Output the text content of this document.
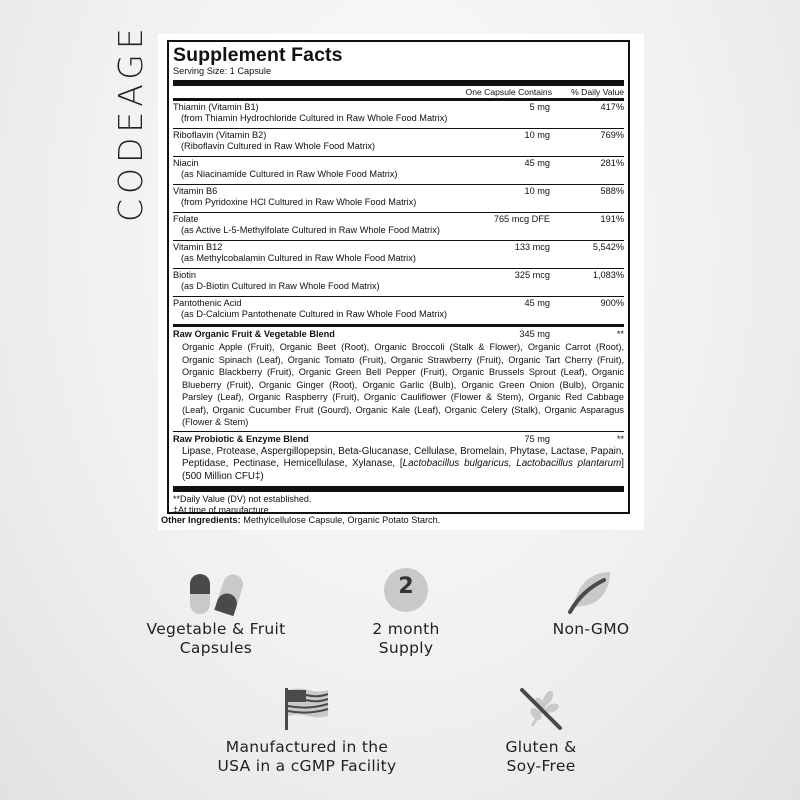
CODEAGE Supplement Facts
Serving Size: 1 Capsule
One Capsule Contains	% Daily Value
Thiamin (Vitamin B1)	5 mg	417%
(from Thiamin Hydrochloride Cultured in Raw Whole Food Matrix)
Riboflavin (Vitamin B2)	10 mg	769%
(Riboflavin Cultured in Raw Whole Food Matrix)
Niacin	45 mg	281%
(as Niacinamide Cultured in Raw Whole Food Matrix)
Vitamin B6	10 mg	588%
(from Pyridoxine HCl Cultured in Raw Whole Food Matrix)
Folate	765 mcg DFE	191%
(as Active L-5-Methylfolate Cultured in Raw Whole Food Matrix)
Vitamin B12	133 mcg	5,542%
(as Methylcobalamin Cultured in Raw Whole Food Matrix)
Biotin	325 mcg	1,083%
(as D-Biotin Cultured in Raw Whole Food Matrix)
Pantothenic Acid	45 mg	900%
(as D-Calcium Pantothenate Cultured in Raw Whole Food Matrix)
Raw Organic Fruit & Vegetable Blend	345 mg	**
Organic Apple (Fruit), Organic Beet (Root), Organic Broccoli (Stalk & Flower), Organic Carrot (Root), Organic Spinach (Leaf), Organic Tomato (Fruit), Organic Strawberry (Fruit), Organic Tart Cherry (Fruit), Organic Blackberry (Fruit), Organic Green Bell Pepper (Fruit), Organic Brussels Sprout (Leaf), Organic Blueberry (Fruit), Organic Ginger (Root), Organic Garlic (Bulb), Organic Green Onion (Bulb), Organic Parsley (Leaf), Organic Raspberry (Fruit), Organic Cauliflower (Flower & Stem), Organic Red Cabbage (Leaf), Organic Cucumber Fruit (Gourd), Organic Kale (Leaf), Organic Celery (Stalk), Organic Asparagus (Flower & Stem)
Raw Probiotic & Enzyme Blend	75 mg	**
Lipase, Protease, Aspergillopepsin, Beta-Glucanase, Cellulase, Bromelain, Phytase, Lactase, Papain, Peptidase, Pectinase, Hemicellulase, Xylanase, [Lactobacillus bulgaricus, Lactobacillus plantarum] (500 Million CFU‡)
**Daily Value (DV) not established.
‡At time of manufacture.
Other Ingredients: Methylcellulose Capsule, Organic Potato Starch.
Vegetable & Fruit
Capsules
2
2 month
Supply
Non-GMO
Manufactured in the
USA in a cGMP Facility
Gluten &
Soy-Free
